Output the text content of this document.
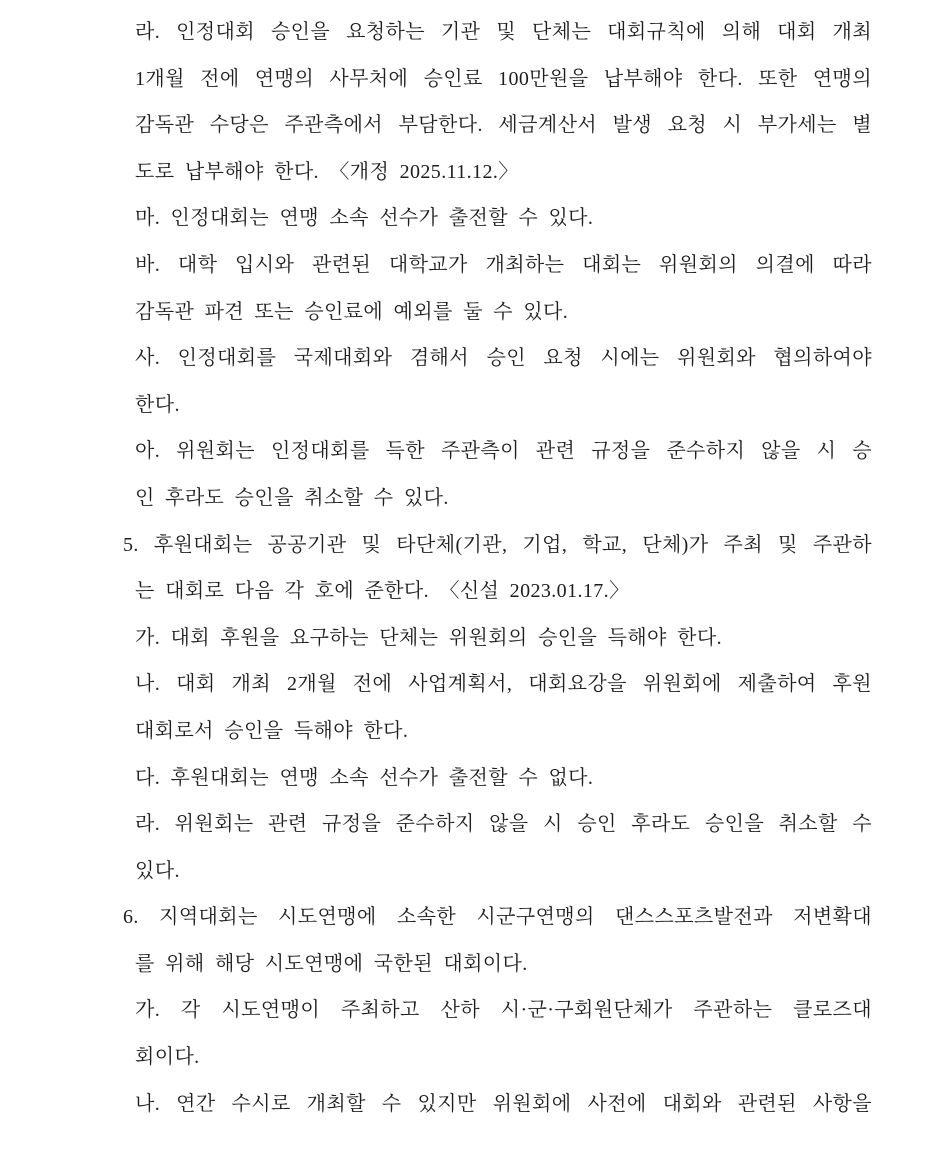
라. 인정대회 승인을 요청하는 기관 및 단체는 대회규칙에 의해 대회 개최
1개월 전에 연맹의 사무처에 승인료 100만원을 납부해야 한다. 또한 연맹의
감독관 수당은 주관측에서 부담한다. 세금계산서 발생 요청 시 부가세는 별
도로 납부해야 한다. 〈개정 2025.11.12.〉
마. 인정대회는 연맹 소속 선수가 출전할 수 있다.
바. 대학 입시와 관련된 대학교가 개최하는 대회는 위원회의 의결에 따라
감독관 파견 또는 승인료에 예외를 둘 수 있다.
사. 인정대회를 국제대회와 겸해서 승인 요청 시에는 위원회와 협의하여야
한다.
아. 위원회는 인정대회를 득한 주관측이 관련 규정을 준수하지 않을 시 승
인 후라도 승인을 취소할 수 있다.
5. 후원대회는 공공기관 및 타단체(기관, 기업, 학교, 단체)가 주최 및 주관하
는 대회로 다음 각 호에 준한다. 〈신설 2023.01.17.〉
가. 대회 후원을 요구하는 단체는 위원회의 승인을 득해야 한다.
나. 대회 개최 2개월 전에 사업계획서, 대회요강을 위원회에 제출하여 후원
대회로서 승인을 득해야 한다.
다. 후원대회는 연맹 소속 선수가 출전할 수 없다.
라. 위원회는 관련 규정을 준수하지 않을 시 승인 후라도 승인을 취소할 수
있다.
6. 지역대회는 시도연맹에 소속한 시군구연맹의 댄스스포츠발전과 저변확대
를 위해 해당 시도연맹에 국한된 대회이다.
가. 각 시도연맹이 주최하고 산하 시·군·구회원단체가 주관하는 클로즈대
회이다.
나. 연간 수시로 개최할 수 있지만 위원회에 사전에 대회와 관련된 사항을
